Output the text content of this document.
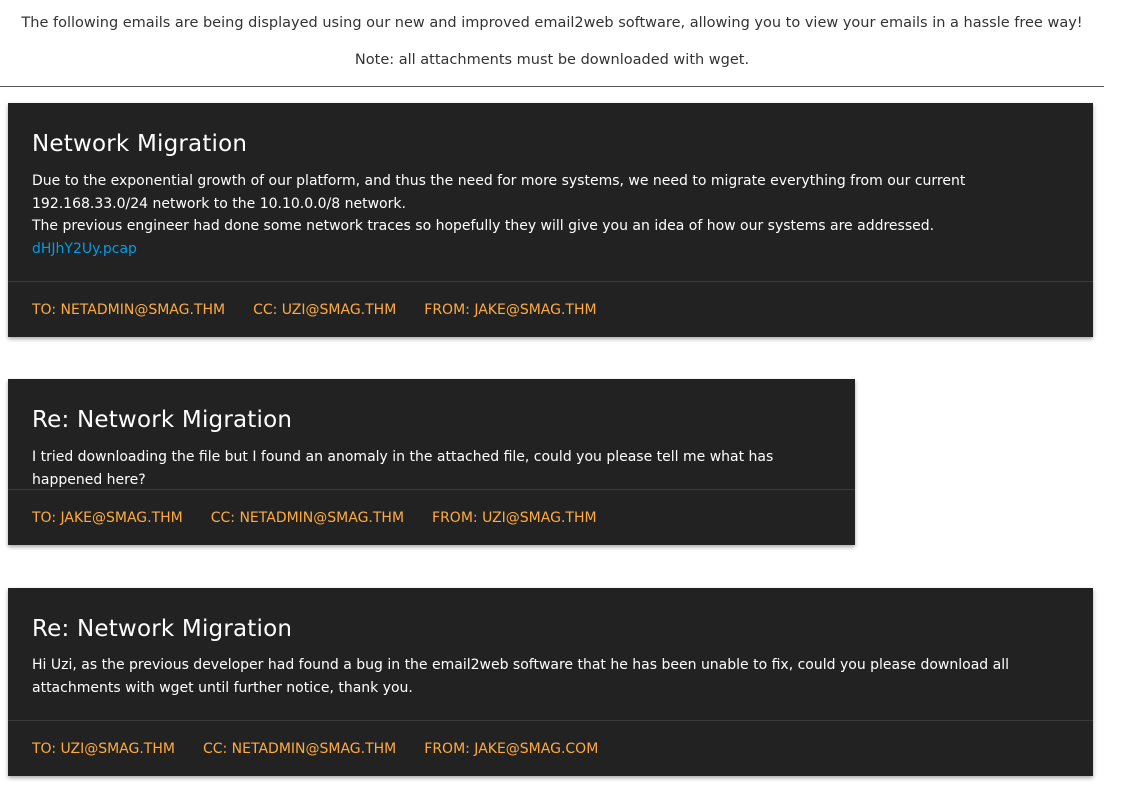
The following emails are being displayed using our new and improved email2web software, allowing you to view your emails in a hassle free way!

Note: all attachments must be downloaded with wget.

Network Migration

Due to the exponential growth of our platform, and thus the need for more systems, we need to migrate everything from our current 192.168.33.0/24 network to the 10.10.0.0/8 network.

The previous engineer had done some network traces so hopefully they will give you an idea of how our systems are addressed.

dHJhY2Uy.pcap
TO: NETADMIN@SMAG.THM CC: UZI@SMAG.THM FROM: JAKE@SMAG.THM
Re: Network Migration

I tried downloading the file but I found an anomaly in the attached file, could you please tell me what has happened here?

TO: JAKE@SMAG.THM CC: NETADMIN@SMAG.THM FROM: UZI@SMAG.THM
Re: Network Migration

Hi Uzi, as the previous developer had found a bug in the email2web software that he has been unable to fix, could you please download all attachments with wget until further notice, thank you.

TO: UZI@SMAG.THM CC: NETADMIN@SMAG.THM FROM: JAKE@SMAG.COM
